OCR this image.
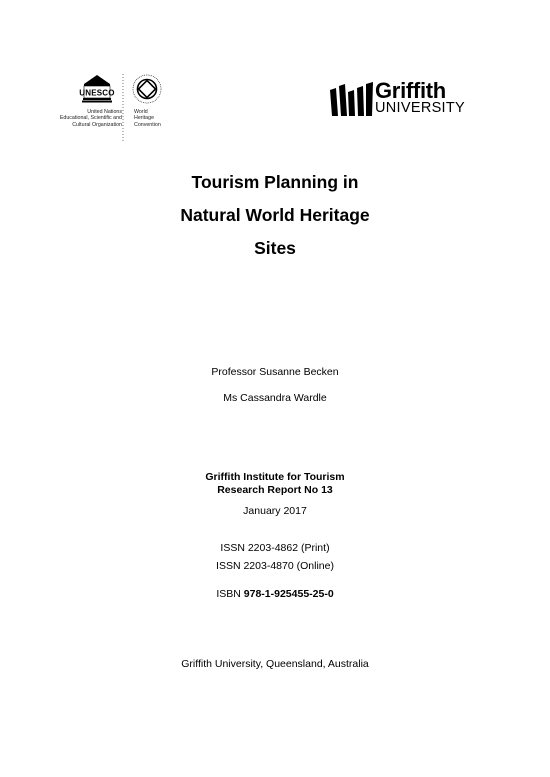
UNESCO
United Nations
Educational, Scientific and
Cultural Organization
World
Heritage
Convention
Griffith
UNIVERSITY
Tourism Planning in
Natural World Heritage
Sites
Professor Susanne Becken
Ms Cassandra Wardle
Griffith Institute for Tourism
Research Report No 13
January 2017
ISSN 2203-4862 (Print)
ISSN 2203-4870 (Online)
ISBN 978-1-925455-25-0
Griffith University, Queensland, Australia
